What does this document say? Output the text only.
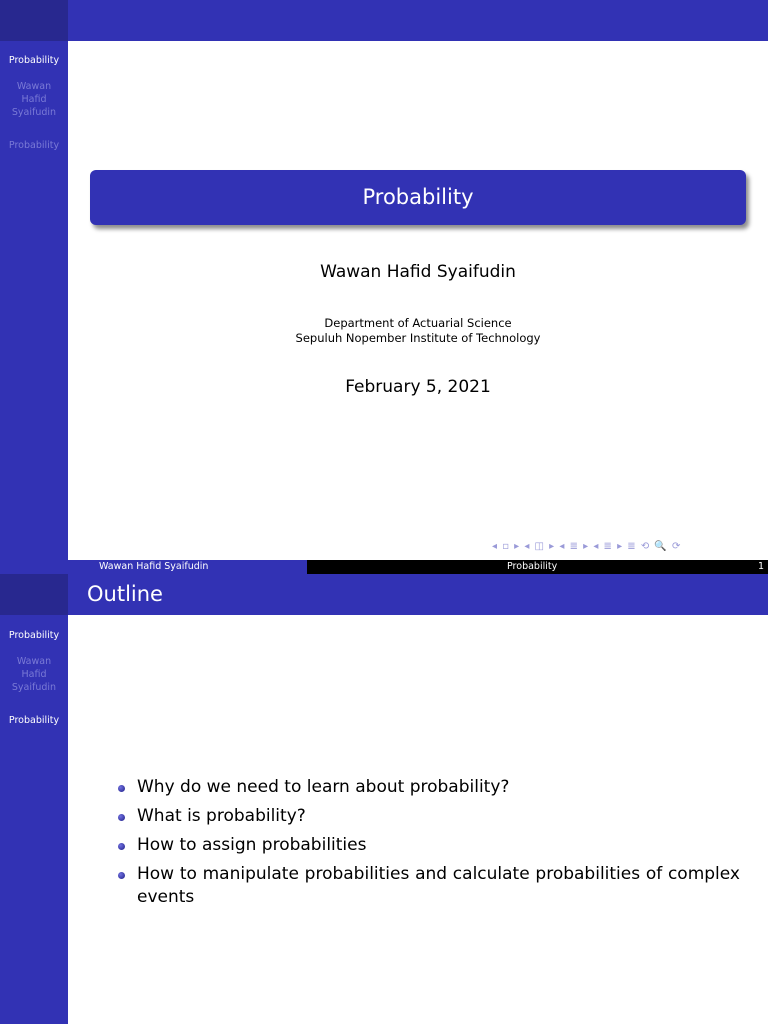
Probability
Wawan
Hafid
Syaifudin
Probability
Probability
Wawan Hafid Syaifudin
Department of Actuarial Science
Sepuluh Nopember Institute of Technology
February 5, 2021
◂ ▫ ▸ ◂ ◫ ▸ ◂ ≣ ▸ ◂ ≣ ▸ ≣ ⟲ 🔍 ⟳
Wawan Hafid Syaifudin	Probability	1
Probability
Wawan
Hafid
Syaifudin
Probability
Outline
Why do we need to learn about probability?
What is probability?
How to assign probabilities
How to manipulate probabilities and calculate probabilities of complex events
